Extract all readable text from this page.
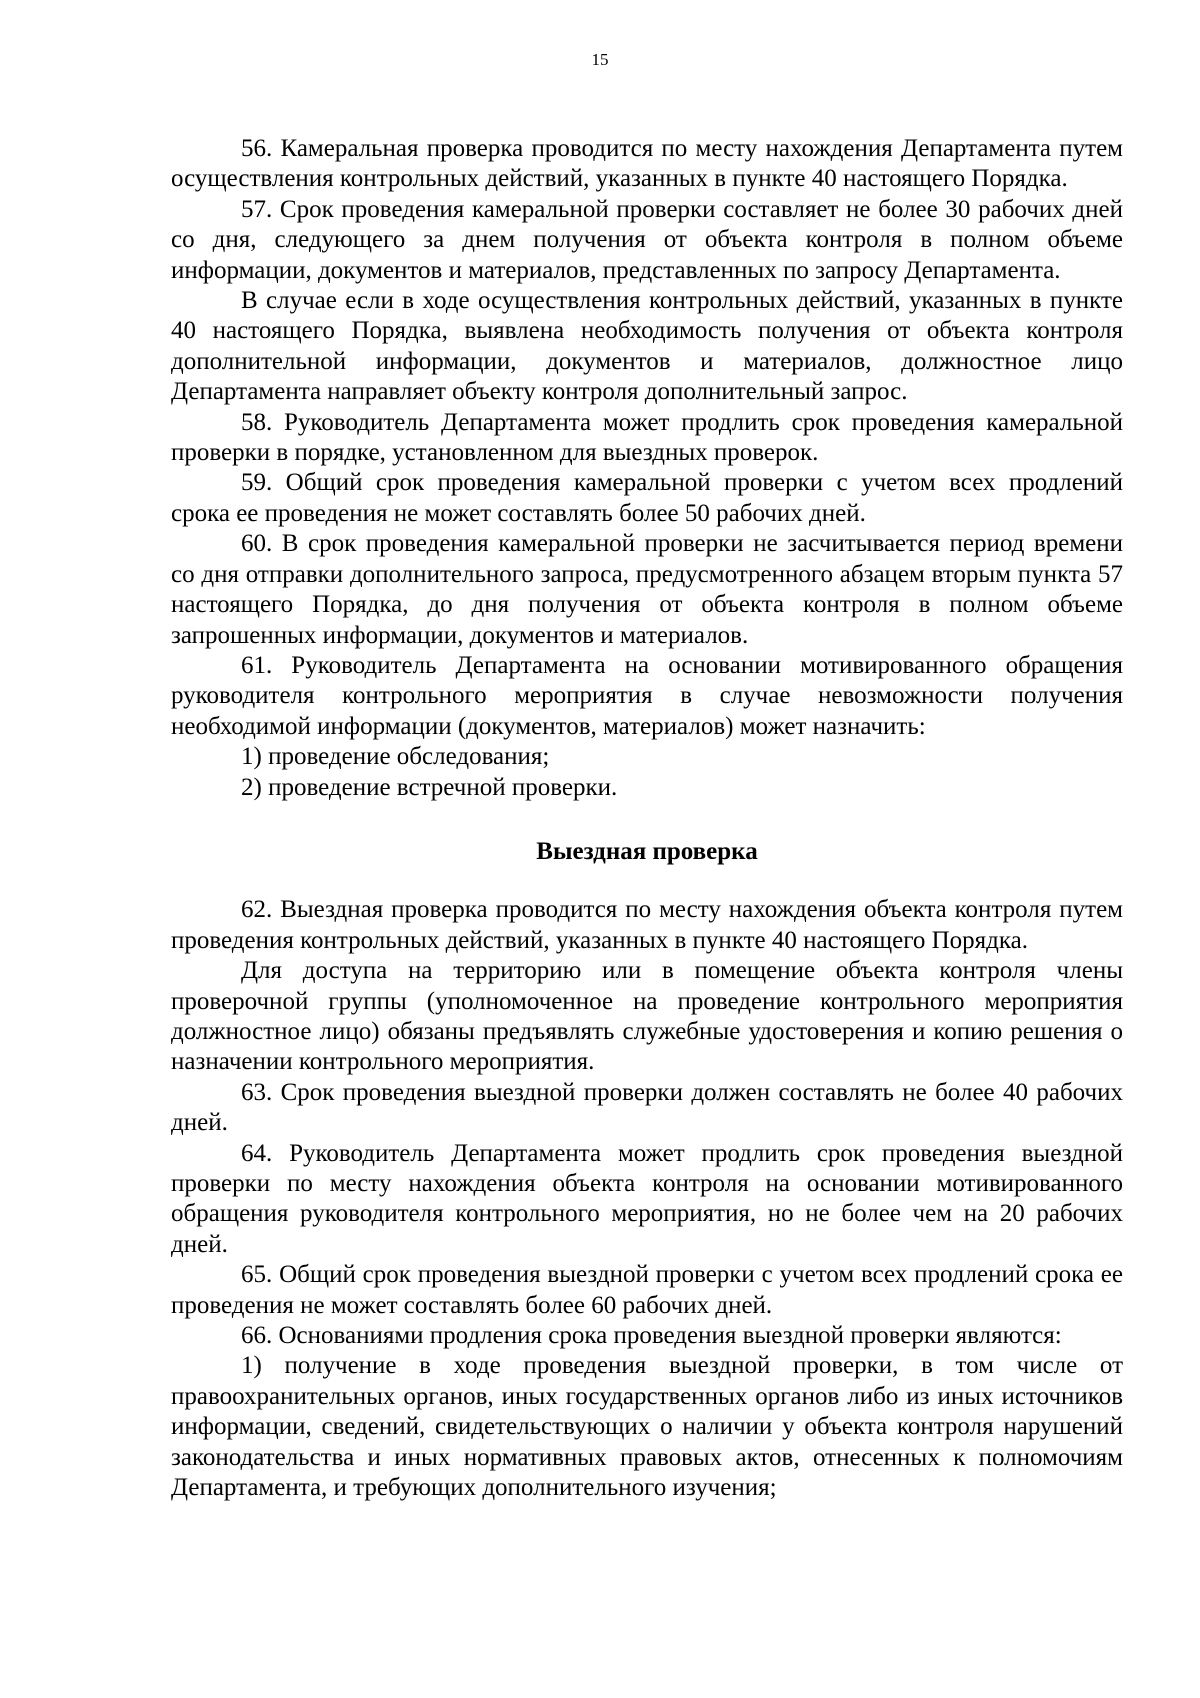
15

56. Камеральная проверка проводится по месту нахождения Департамента путем осуществления контрольных действий, указанных в пункте 40 настоящего Порядка.

57. Срок проведения камеральной проверки составляет не более 30 рабочих дней со дня, следующего за днем получения от объекта контроля в полном объеме информации, документов и материалов, представленных по запросу Департамента.

В случае если в ходе осуществления контрольных действий, указанных в пункте 40 настоящего Порядка, выявлена необходимость получения от объекта контроля дополнительной информации, документов и материалов, должностное лицо Департамента направляет объекту контроля дополнительный запрос.

58. Руководитель Департамента может продлить срок проведения камеральной проверки в порядке, установленном для выездных проверок.

59. Общий срок проведения камеральной проверки с учетом всех продлений срока ее проведения не может составлять более 50 рабочих дней.

60. В срок проведения камеральной проверки не засчитывается период времени со дня отправки дополнительного запроса, предусмотренного абзацем вторым пункта 57 настоящего Порядка, до дня получения от объекта контроля в полном объеме запрошенных информации, документов и материалов.

61. Руководитель Департамента на основании мотивированного обращения руководителя контрольного мероприятия в случае невозможности получения необходимой информации (документов, материалов) может назначить:

1) проведение обследования;

2) проведение встречной проверки.

Выездная проверка

62. Выездная проверка проводится по месту нахождения объекта контроля путем проведения контрольных действий, указанных в пункте 40 настоящего Порядка.

Для доступа на территорию или в помещение объекта контроля члены проверочной группы (уполномоченное на проведение контрольного мероприятия должностное лицо) обязаны предъявлять служебные удостоверения и копию решения о назначении контрольного мероприятия.

63. Срок проведения выездной проверки должен составлять не более 40 рабочих дней.

64. Руководитель Департамента может продлить срок проведения выездной проверки по месту нахождения объекта контроля на основании мотивированного обращения руководителя контрольного мероприятия, но не более чем на 20 рабочих дней.

65. Общий срок проведения выездной проверки с учетом всех продлений срока ее проведения не может составлять более 60 рабочих дней.

66. Основаниями продления срока проведения выездной проверки являются:

1) получение в ходе проведения выездной проверки, в том числе от правоохранительных органов, иных государственных органов либо из иных источников информации, сведений, свидетельствующих о наличии у объекта контроля нарушений законодательства и иных нормативных правовых актов, отнесенных к полномочиям Департамента, и требующих дополнительного изучения;
